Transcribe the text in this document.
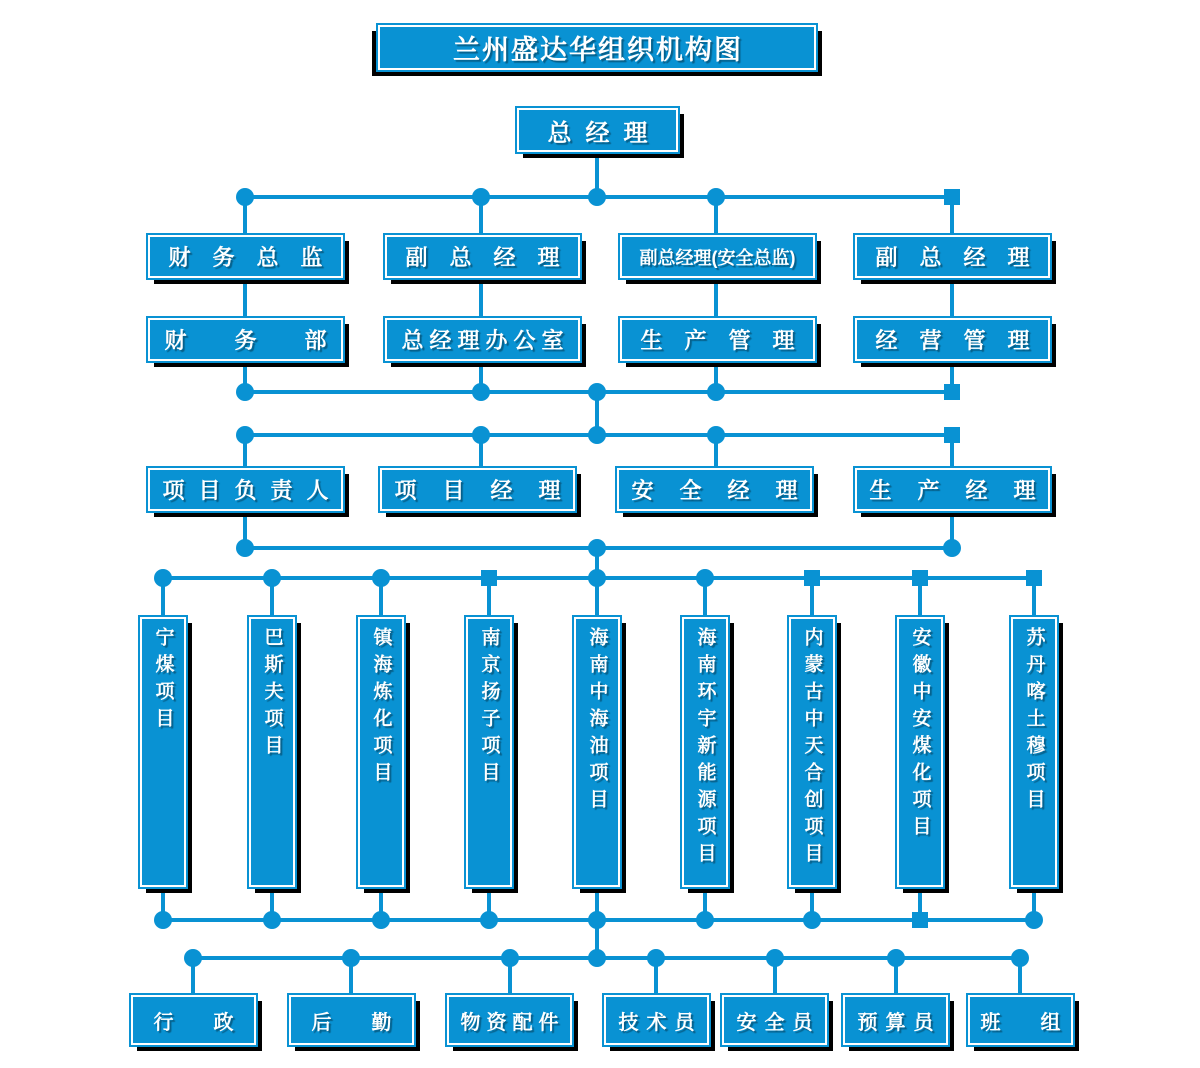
兰州盛达华组织机构图
总经理
财务总监	副总经理	副总经理(安全总监)	副总经理
财务部 总经理办公室	生产管理	经营管理
项目负责人 项目经理 安全经理 生产经理
宁煤项目	巴斯夫项目	镇海炼化项目	南京扬子项目	海南中海油项目	海南环宇新能源项目	内蒙古中天合创项目	安徽中安煤化项目	苏丹喀土穆项目
行政 后勤 物资配件	技术员 安全员 预算员 班组
